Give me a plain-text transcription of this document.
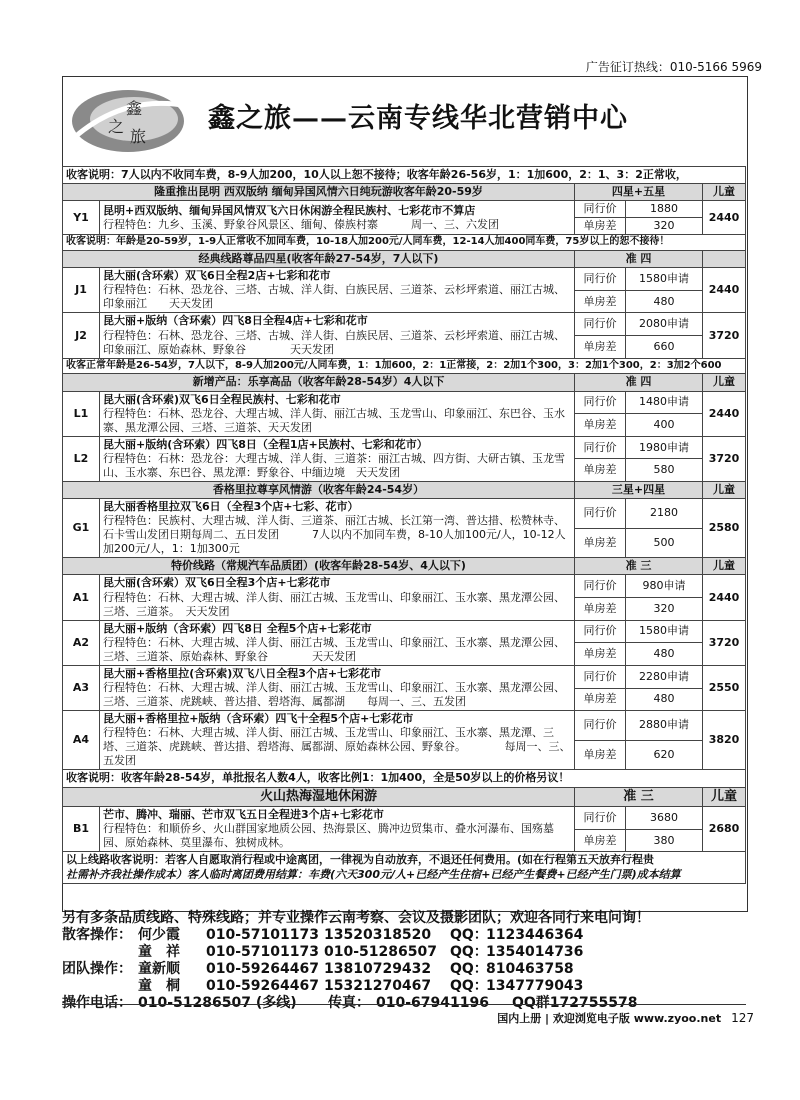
广告征订热线：010-5166 5969
鑫
之
旅
鑫之旅——云南专线华北营销中心
收客说明：7人以内不收同车费，8-9人加200，10人以上恕不接待；收客年龄26-56岁，1：1加600，2：1、3：2正常收，				
隆重推出昆明 西双版纳 缅甸异国风情六日纯玩游收客年龄20-59岁		四星+五星		儿童
Y1	昆明+西双版纳、缅甸异国风情双飞六日休闲游全程民族村、七彩花市不算店
行程特色：九乡、玉溪、野象谷风景区、缅甸、傣族村寨　　　周一、三、六发团	同行价	1880	2440
		单房差	320	
收客说明：年龄是20-59岁，1-9人正常收不加同车费，10-18人加200元/人同车费，12-14人加400同车费，75岁以上的恕不接待！				
经典线路尊品四星(收客年龄27-54岁，7人以下)		准 四		
J1	昆大丽(含环索）双飞6日全程2店+七彩和花市
行程特色：石林、恐龙谷、三塔、古城、洋人街、白族民居、三道茶、云杉坪索道、丽江古城、印象丽江　　天天发团	同行价	1580申请	2440
		单房差	480	
J2	昆大丽+版纳（含环索）四飞8日全程4店+七彩和花市
行程特色：石林、恐龙谷、三塔、古城、洋人街、白族民居、三道茶、云杉坪索道、丽江古城、印象丽江、原始森林、野象谷　　　　天天发团	同行价	2080申请	3720
		单房差	660	
收客正常年龄是26-54岁，7人以下，8-9人加200元/人同车费，1：1加600，2：1正常接，2：2加1个300，3：2加1个300，2：3加2个600				
新增产品：乐享高品（收客年龄28-54岁）4人以下		准 四		儿童
L1	昆大丽(含环索)双飞6日全程民族村、七彩和花市
行程特色：石林、恐龙谷、大理古城、洋人街、丽江古城、玉龙雪山、印象丽江、东巴谷、玉水寨、黑龙潭公园、三塔、三道茶、天天发团	同行价	1480申请	2440
		单房差	400	
L2	昆大丽+版纳(含环索）四飞8日（全程1店+民族村、七彩和花市）
行程特色：石林：恐龙谷：大理古城、洋人街、三道茶：丽江古城、四方街、大研古镇、玉龙雪山、玉水寨、东巴谷、黑龙潭：野象谷、中缅边境　天天发团	同行价	1980申请	3720
		单房差	580	
香格里拉尊享风情游（收客年龄24-54岁）		三星+四星		儿童
G1	昆大丽香格里拉双飞6日（全程3个店+七彩、花市）
行程特色：民族村、大理古城、洋人街、三道茶、丽江古城、长江第一湾、普达措、松赞林寺、石卡雪山发团日期每周二、五日发团　　　7人以内不加同车费，8-10人加100元/人，10-12人加200元/人，1：1加300元	同行价	2180	2580
		单房差	500	
特价线路（常规汽车品质团）(收客年龄28-54岁、4人以下)		准 三		儿童
A1	昆大丽(含环索）双飞6日全程3个店+七彩花市
行程特色：石林、大理古城、洋人街、丽江古城、玉龙雪山、印象丽江、玉水寨、黑龙潭公园、三塔、三道茶。　天天发团	同行价	980申请	2440
		单房差	320	
A2	昆大丽+版纳（含环索）四飞8日 全程5个店+七彩花市
行程特色：石林、大理古城、洋人街、丽江古城、玉龙雪山、印象丽江、玉水寨、黑龙潭公园、三塔、三道茶、原始森林、野象谷　　　　天天发团	同行价	1580申请	3720
		单房差	480	
A3	昆大丽+香格里拉(含环索)双飞八日全程3个店+七彩花市
行程特色：石林、大理古城、洋人街、丽江古城、玉龙雪山、印象丽江、玉水寨、黑龙潭公园、三塔、三道茶、虎跳峡、普达措、碧塔海、属都湖　　每周一、三、五发团	同行价	2280申请	2550
		单房差	480	
A4	昆大丽+香格里拉+版纳（含环索）四飞十全程5个店+七彩花市
行程特色：石林、大理古城、洋人街、丽江古城、玉龙雪山、印象丽江、玉水寨、黑龙潭、三塔、三道茶、虎跳峡、普达措、碧塔海、属都湖、原始森林公园、野象谷。　　　　每周一、三、五发团	同行价	2880申请	3820
		单房差	620	
收客说明：收客年龄28-54岁，单批报名人数4人，收客比例1：1加400，全是50岁以上的价格另议！				
火山热海湿地休闲游		准 三		儿童
B1	芒市、腾冲、瑞丽、芒市双飞五日全程进3个店+七彩花市
行程特色：和顺侨乡、火山群国家地质公园、热海景区、腾冲边贸集市、叠水河瀑布、国殇墓园、原始森林、莫里瀑布、独树成林。	同行价	3680	2680
		单房差	380	
以上线路收客说明：若客人自愿取消行程或中途离团，一律视为自动放弃，不退还任何费用。(如在行程第五天放弃行程贵
社需补齐我社操作成本）客人临时离团费用结算：车费(六天300元/人+已经产生住宿+已经产生餐费+已经产生门票)成本结算				
另有多条品质线路、特殊线路；并专业操作云南考察、会议及摄影团队；欢迎各同行来电问询！
散客操作： 何少霞	010-57101173 13520318520	QQ：
1123446364
童　祥	010-57101173 010-51286507 QQ：
1354014736
团队操作： 童新顺	010-59264467 13810729432	QQ：
810463758
童　桐	010-59264467 15321270467	QQ：
1347779043
操作电话： 010-51286507 (多线)	传真： 010-67941196	QQ群172755578
国内上册 | 欢迎浏览电子版 www.zyoo.net 127
